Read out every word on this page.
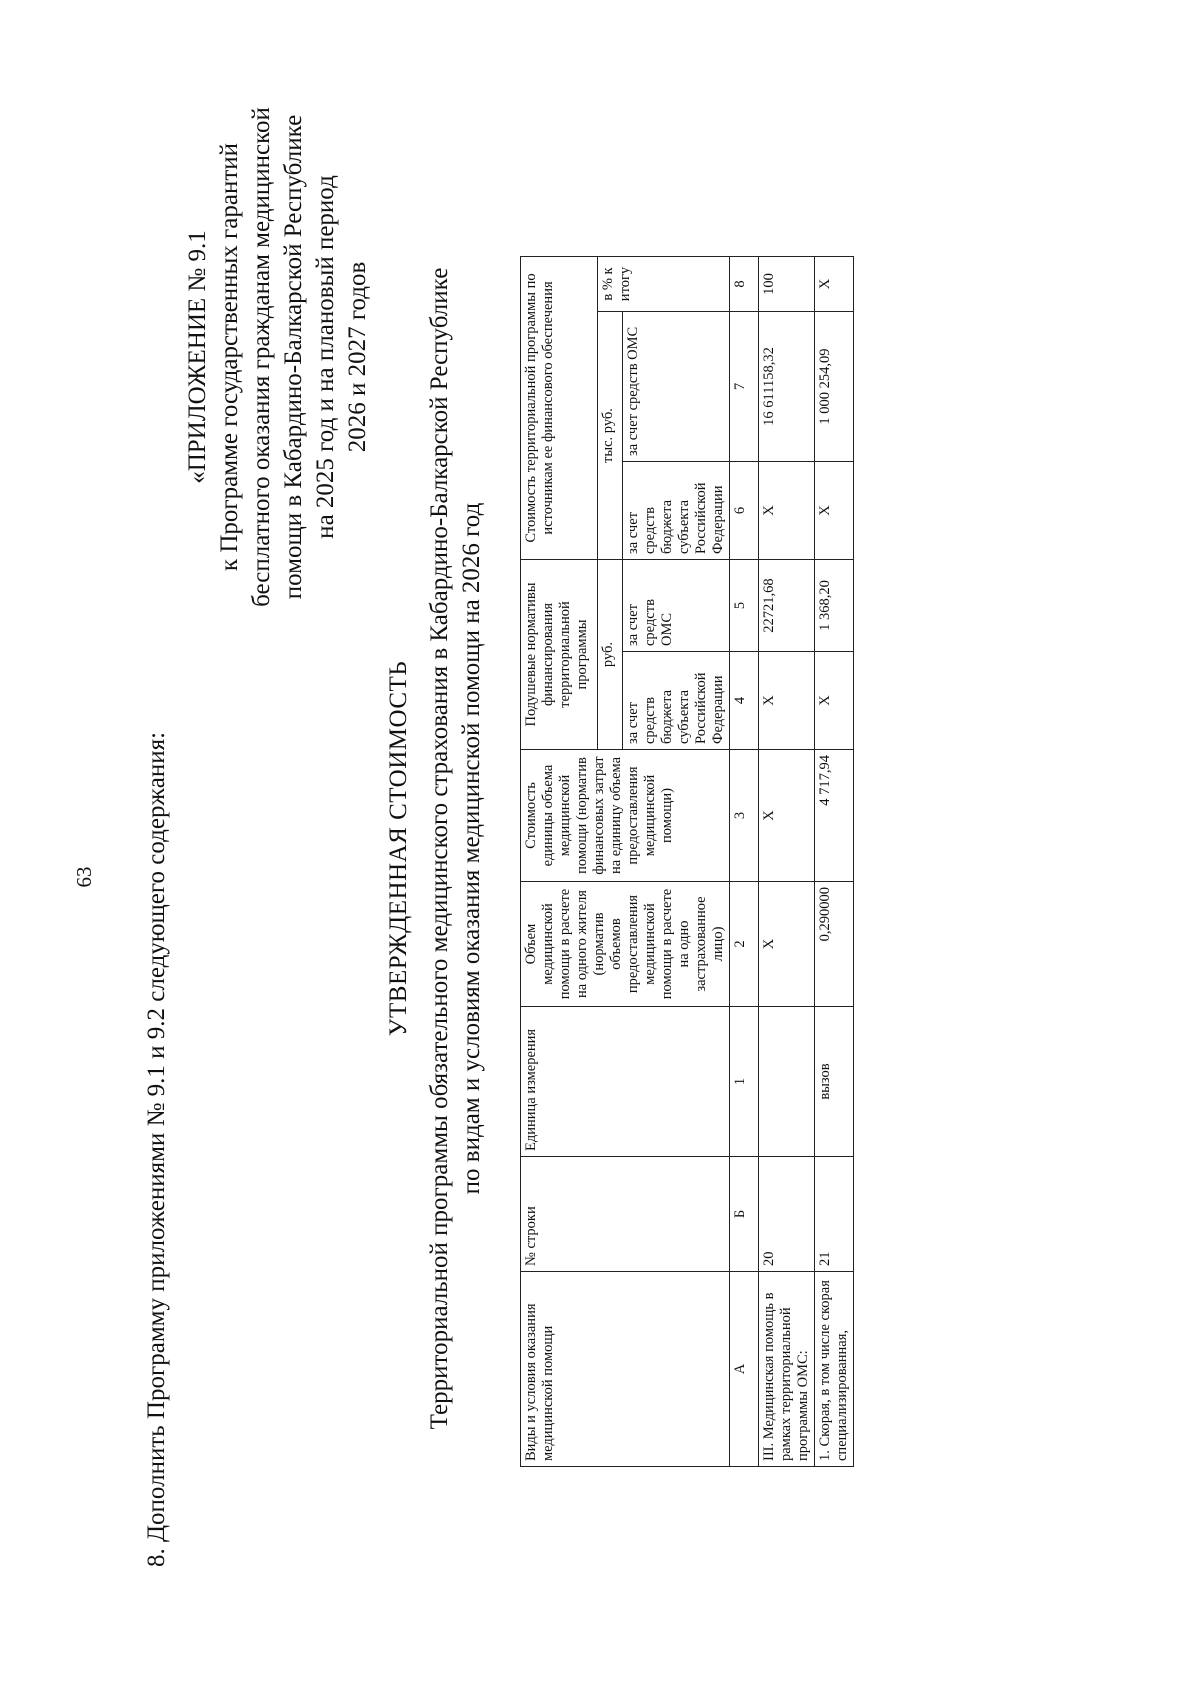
63 8. Дополнить Программу приложениями № 9.1 и 9.2 следующего содержания:
«ПРИЛОЖЕНИЕ № 9.1 к Программе государственных гарантий бесплатного оказания гражданам медицинской помощи в Кабардино-Балкарской Республике на 2025 год и на плановый период 2026 и 2027 годов
УТВЕРЖДЕННАЯ СТОИМОСТЬ Территориальной программы обязательного медицинского страхования в Кабардино-Балкарской Республике по видам и условиям оказания медицинской помощи на 2026 год
Виды и условия оказания медицинской помощи	№ строки	Единица измерения	Объем медицинской помощи в расчете на одного жителя (норматив объемов предоставления медицинской помощи в расчете на одно застрахованное лицо)	Стоимость единицы объема медицинской помощи (норматив финансовых затрат на единицу объема предоставления медицинской помощи)	Подушевые нормативы финансирования территориальной программы		Стоимость территориальной программы по источникам ее финансового обеспечения		
					руб.		тыс. руб.		в % к итогу
					за счет средств бюджета субъекта Российской Федерации	за счет средств ОМС	за счет средств бюджета субъекта Российской Федерации	за счет средств ОМС	
А	Б	1	2	3	4	5	6	7	8
III. Медицинская помощь в рамках территориальной программы ОМС:	20		X	X	X	22721,68	X	16 611158,32	100
1. Скорая, в том числе скорая специализированная,	21	вызов	0,290000	4 717,94	X	1 368,20	X	1 000 254,09	X
